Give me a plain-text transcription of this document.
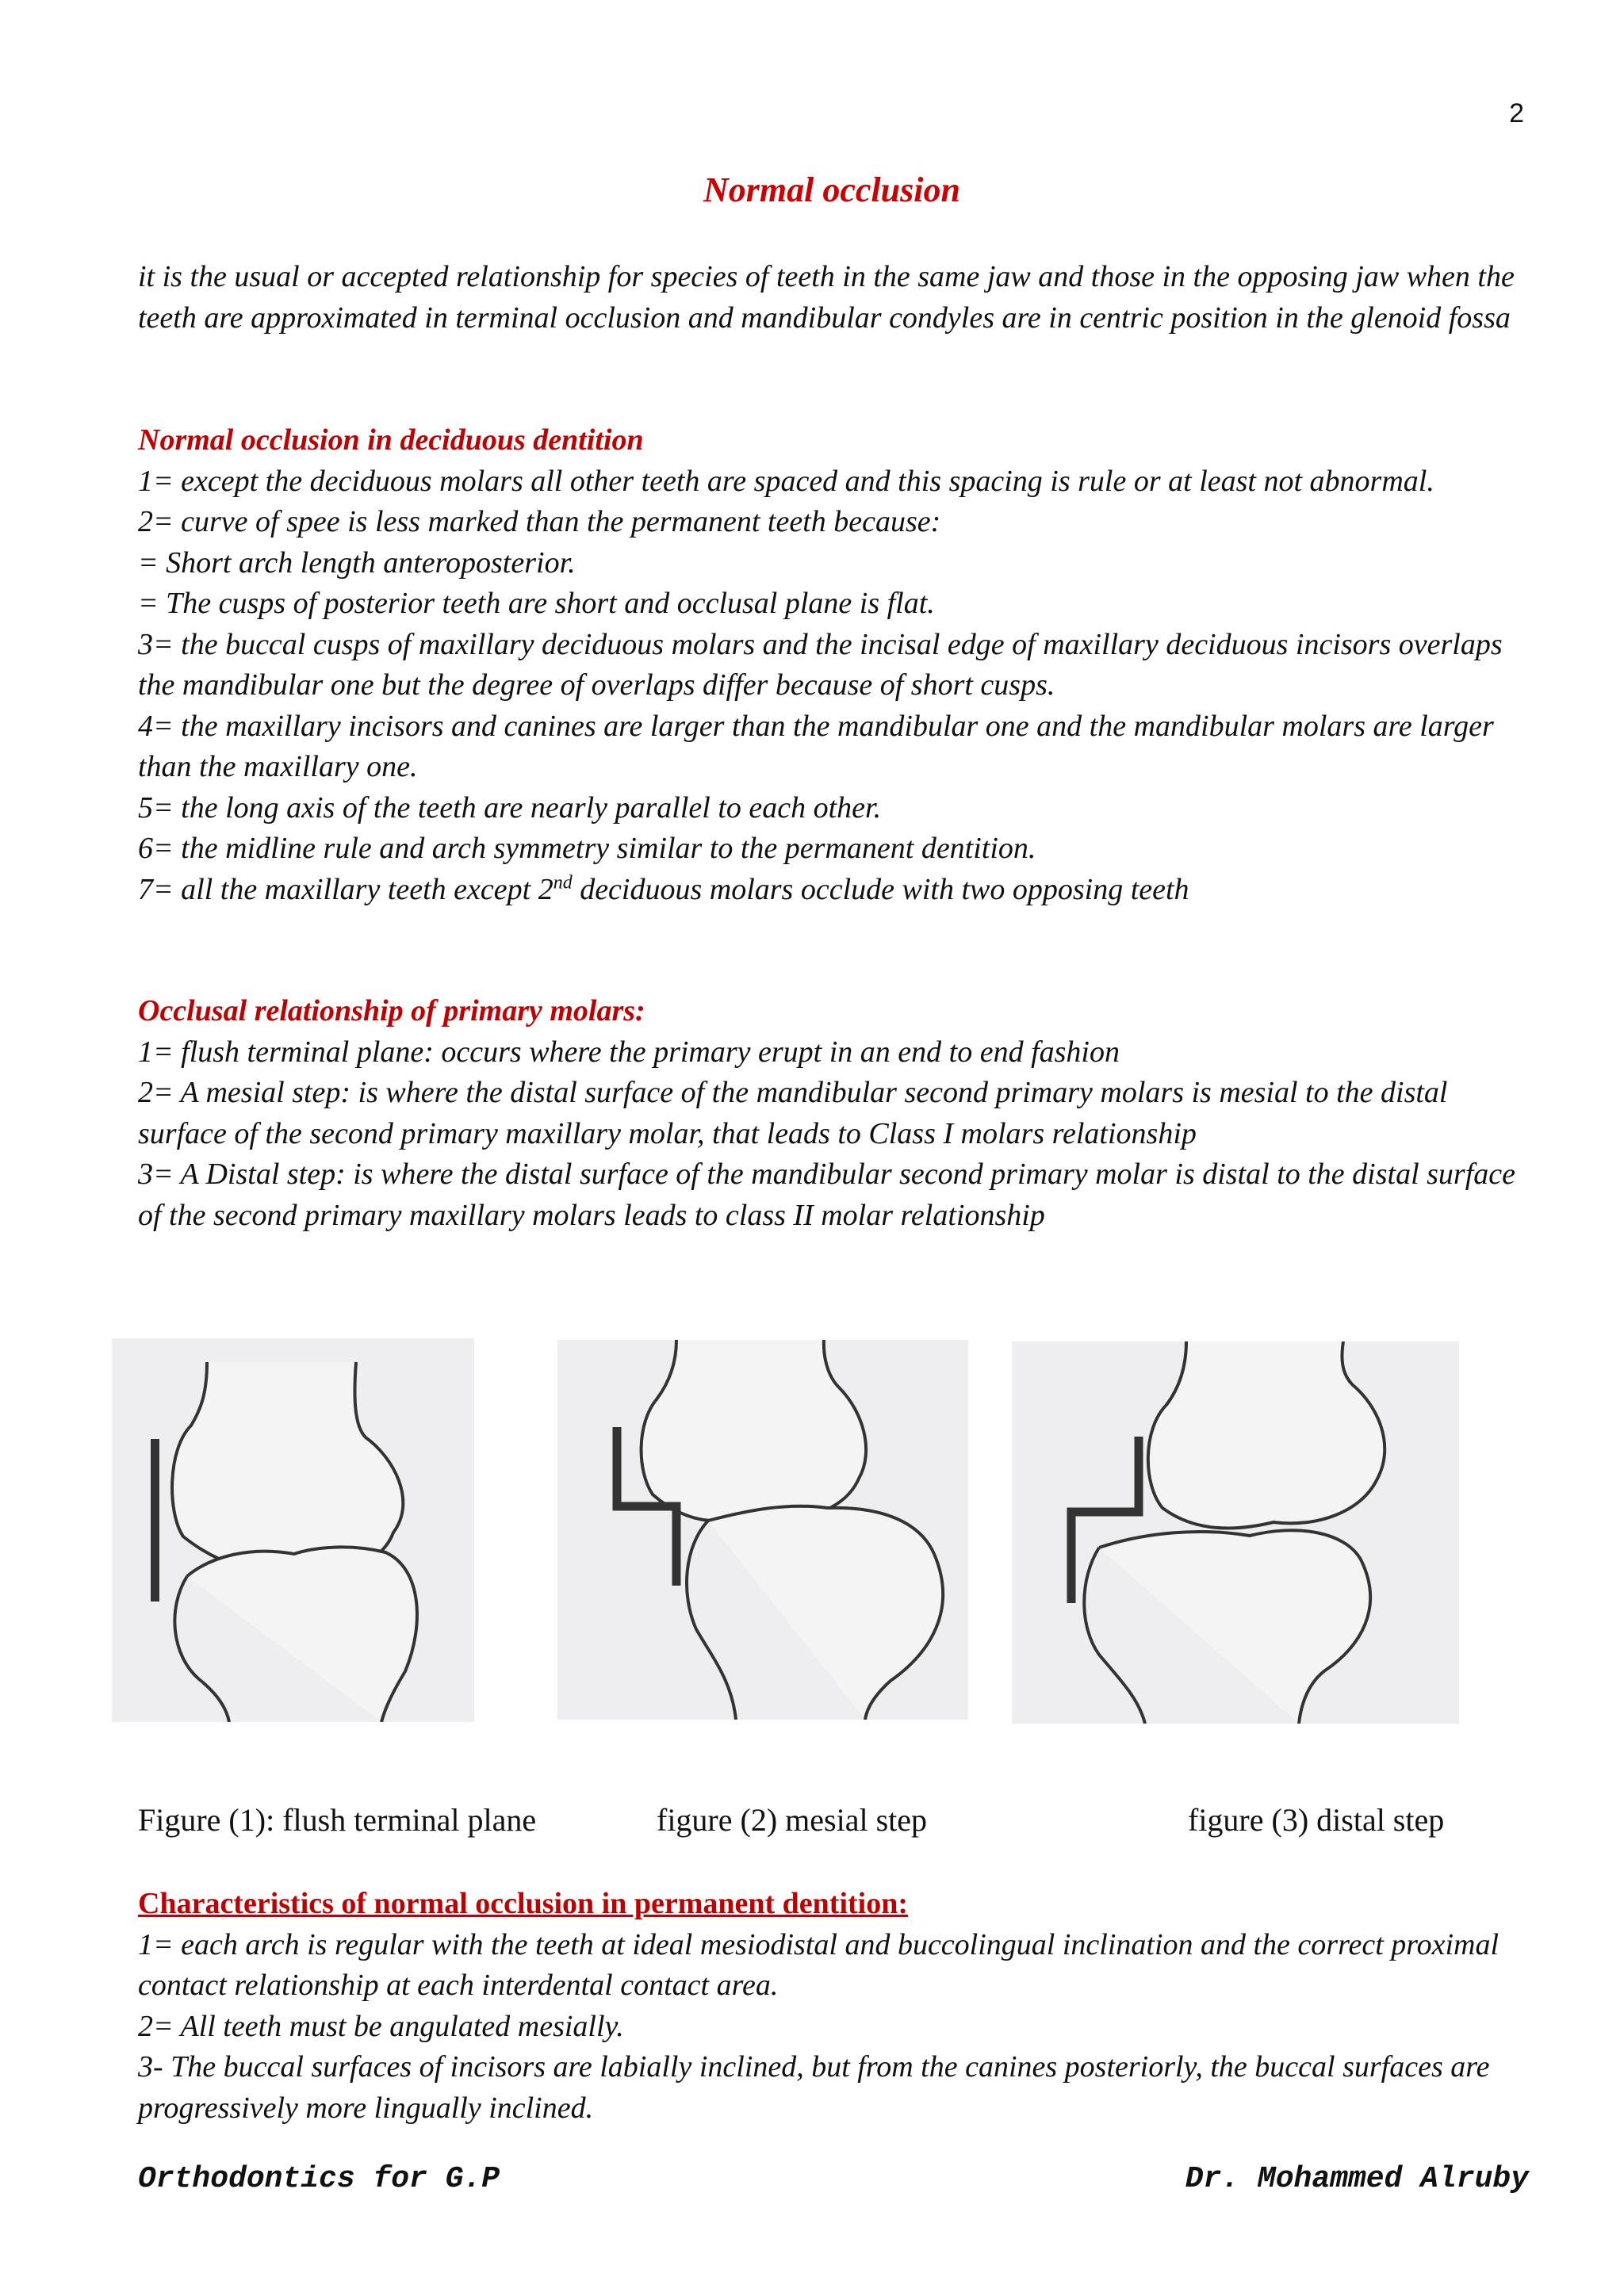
2
Normal occlusion

it is the usual or accepted relationship for species of teeth in the same jaw and those in the opposing jaw when the teeth are approximated in terminal occlusion and mandibular condyles are in centric position in the glenoid fossa

Normal occlusion in deciduous dentition

1= except the deciduous molars all other teeth are spaced and this spacing is rule or at least not abnormal.

2= curve of spee is less marked than the permanent teeth because:

= Short arch length anteroposterior.

= The cusps of posterior teeth are short and occlusal plane is flat.

3= the buccal cusps of maxillary deciduous molars and the incisal edge of maxillary deciduous incisors overlaps the mandibular one but the degree of overlaps differ because of short cusps.

4= the maxillary incisors and canines are larger than the mandibular one and the mandibular molars are larger than the maxillary one.

5= the long axis of the teeth are nearly parallel to each other.

6= the midline rule and arch symmetry similar to the permanent dentition.

7= all the maxillary teeth except 2nd deciduous molars occlude with two opposing teeth

Occlusal relationship of primary molars:

1= flush terminal plane: occurs where the primary erupt in an end to end fashion

2= A mesial step: is where the distal surface of the mandibular second primary molars is mesial to the distal surface of the second primary maxillary molar, that leads to Class I molars relationship

3= A Distal step: is where the distal surface of the mandibular second primary molar is distal to the distal surface of the second primary maxillary molars leads to class II molar relationship

Figure (1): flush terminal plane	figure (2) mesial step	figure (3) distal step

Characteristics of normal occlusion in permanent dentition:

1= each arch is regular with the teeth at ideal mesiodistal and buccolingual inclination and the correct proximal contact relationship at each interdental contact area.

2= All teeth must be angulated mesially.

3- The buccal surfaces of incisors are labially inclined, but from the canines posteriorly, the buccal surfaces are progressively more lingually inclined.

Orthodontics for G.P	Dr. Mohammed Alruby
